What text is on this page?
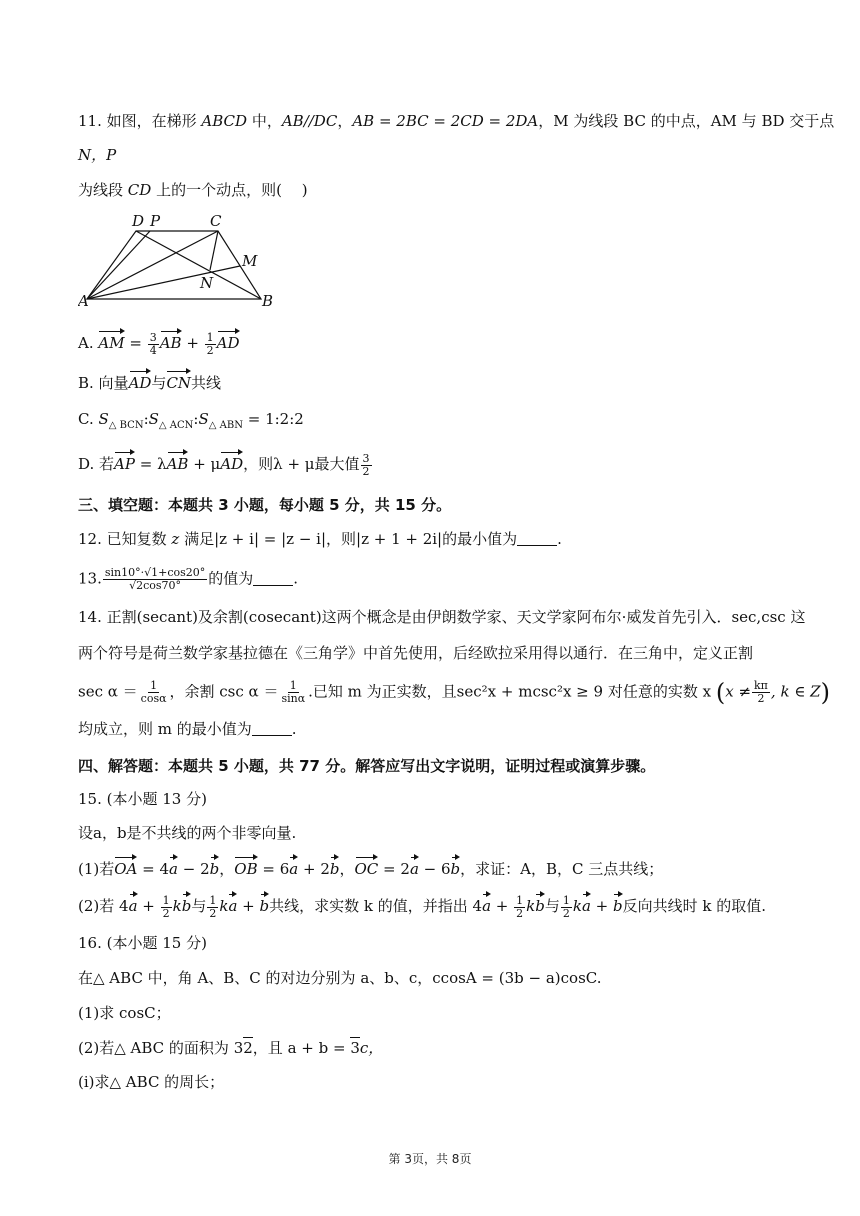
11. 如图，在梯形 ABCD 中，AB//DC，AB = 2BC = 2CD = 2DA，M 为线段 BC 的中点，AM 与 BD 交于点
N，P
为线段 CD 上的一个动点，则(　 )
D P	C
M
N
A	B
A. AM = $\frac{3}{4}$ AB + $\frac{1}{2}$ AD
B. 向量AD与CN共线
C. $S_{\triangle BCN}:S_{\triangle ACN}:S_{\triangle ABN}$ = 1:2:2
D. 若AP = λAB + μAD，则λ + μ最大值 $\frac{3}{2}$
三、填空题：本题共 3 小题，每小题 5 分，共 15 分。
12. 已知复数 z 满足|z + i| = |z − i|，则|z + 1 + 2i|的最小值为	.
13. $\frac{\sin 10^\circ\cdot√1+\cos 20^\circ}{√2\cos 70^\circ}$ 的值为	.
14. 正割(secant)及余割(cosecant)这两个概念是由伊朗数学家、天文学家阿布尔·威发首先引入．sec,csc 这
两个符号是荷兰数学家基拉德在《三角学》中首先使用，后经欧拉采用得以通行．在三角中，定义正割
$\sec \alpha = \frac{1}{\cos\alpha}$ ，余割 $\csc \alpha = \frac{1}{\sin\alpha}$ .已知 m 为正实数，且sec²x + mcsc²x ≥ 9 对任意的实数 x ($x \ne \frac{k\pi}{2}$ , k ∈ Z)
均成立，则 m 的最小值为	.
四、解答题：本题共 5 小题，共 77 分。解答应写出文字说明，证明过程或演算步骤。
15. (本小题 13 分)
设a，b是不共线的两个非零向量.
(1)若OA = 4a − 2b，OB = 6a + 2b，OC = 2a − 6b，求证：A，B，C 三点共线；
(2)若 $4a + \frac{1}{2}$ kb与 $\frac{1}{2}$ ka + b共线，求实数 k 的值，并指出 $4a + \frac{1}{2}$ kb与 $\frac{1}{2}$ ka + b反向共线时 k 的取值.
16. (本小题 15 分)
在△ ABC 中，角 A、B、C 的对边分别为 a、b、c，ccosA = (3b − a)cosC.
(1)求 cosC；
(2)若△ ABC 的面积为 32，且 a + b = 3c，
(ⅰ)求△ ABC 的周长；
第 3页，共 8页
